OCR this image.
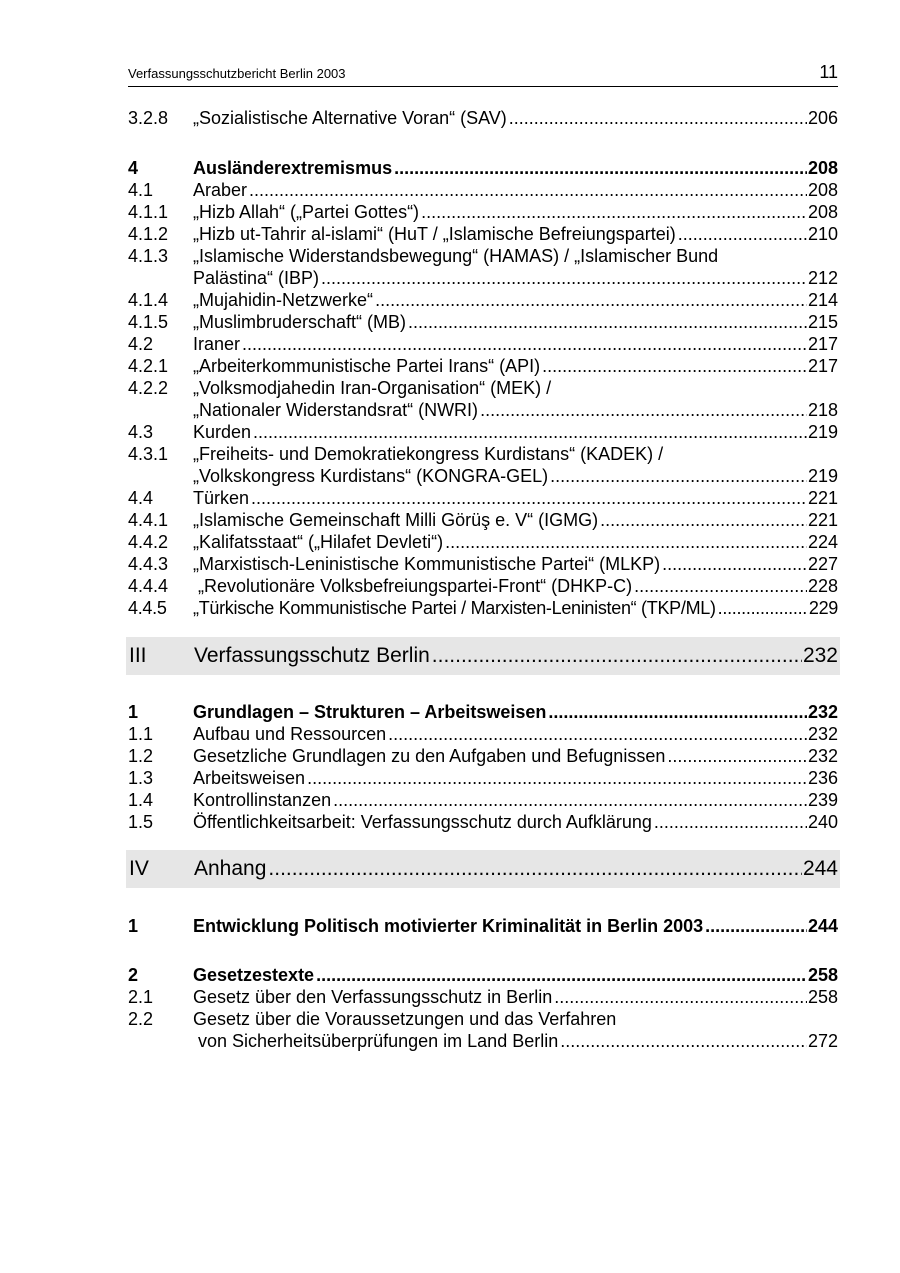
Verfassungsschutzbericht Berlin 2003	11
3.2.8 „Sozialistische Alternative Voran“ (SAV) .....	206
4	Ausländerextremismus .....	208
4.1 Araber .....	208
4.1.1 „Hizb Allah“ („Partei Gottes“) .....	208
4.1.2 „Hizb ut-Tahrir al-islami“ (HuT / „Islamische Befreiungspartei) .....	210
4.1.3 „Islamische Widerstandsbewegung“ (HAMAS) / „Islamischer Bund
Palästina“ (IBP) .....	212
4.1.4 „Mujahidin-Netzwerke“ .....	214
4.1.5 „Muslimbruderschaft“ (MB) .....	215
4.2 Iraner .....	217
4.2.1 „Arbeiterkommunistische Partei Irans“ (API) .....	217
4.2.2 „Volksmodjahedin Iran-Organisation“ (MEK) /
„Nationaler Widerstandsrat“ (NWRI) .....	218
4.3 Kurden .....	219
4.3.1 „Freiheits- und Demokratiekongress Kurdistans“ (KADEK) /
„Volkskongress Kurdistans“ (KONGRA-GEL) .....	219
4.4 Türken .....	221
4.4.1 „Islamische Gemeinschaft Milli Görüş e. V“ (IGMG) .....	221
4.4.2 „Kalifatsstaat“ („Hilafet Devleti“) .....	224
4.4.3 „Marxistisch-Leninistische Kommunistische Partei“ (MLKP) .....	227
4.4.4 „Revolutionäre Volksbefreiungspartei-Front“ (DHKP-C) .....	228
4.4.5 „Türkische Kommunistische Partei / Marxisten-Leninisten“ (TKP/ML) .....	229
III Verfassungsschutz Berlin .....	232
1	Grundlagen – Strukturen – Arbeitsweisen .....	232
1.1 Aufbau und Ressourcen .....	232
1.2 Gesetzliche Grundlagen zu den Aufgaben und Befugnissen .....	232
1.3 Arbeitsweisen .....	236
1.4 Kontrollinstanzen .....	239
1.5 Öffentlichkeitsarbeit: Verfassungsschutz durch Aufklärung .....	240
IV Anhang .....	244
1	Entwicklung Politisch motivierter Kriminalität in Berlin 2003 .....	244
2	Gesetzestexte .....	258
2.1 Gesetz über den Verfassungsschutz in Berlin .....	258
2.2 Gesetz über die Voraussetzungen und das Verfahren
von Sicherheitsüberprüfungen im Land Berlin .....	272
